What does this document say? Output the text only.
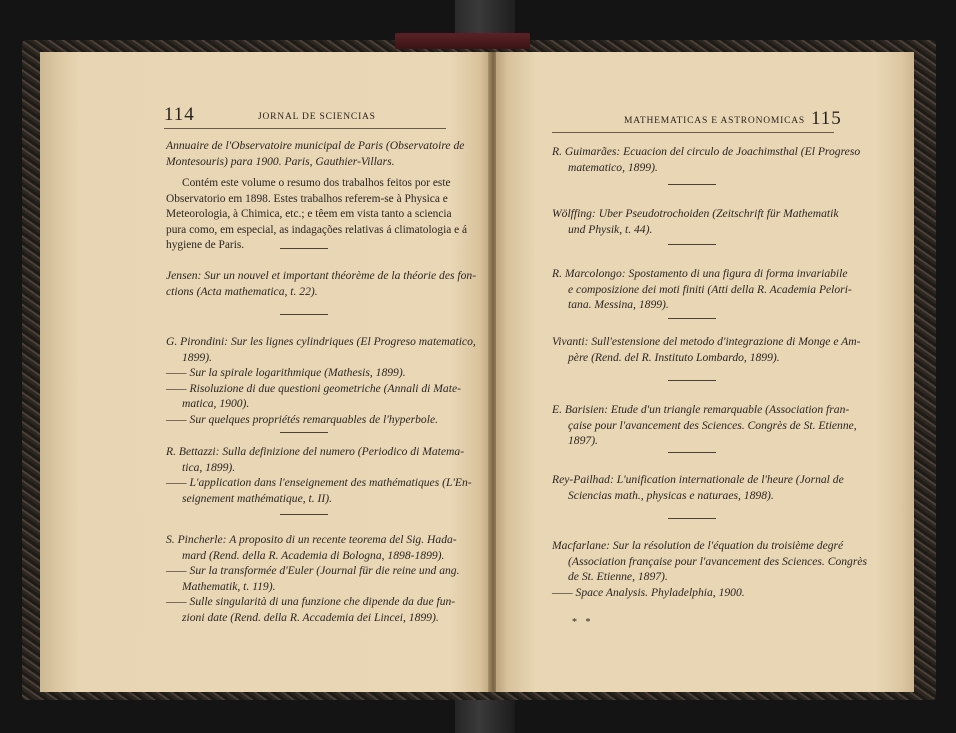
114	JORNAL DE SCIENCIAS
Annuaire de l'Observatoire municipal de Paris (Observatoire de
Montesouris) para 1900. Paris, Gauthier-Villars.
Contém este volume o resumo dos trabalhos feitos por este
Observatorio em 1898. Estes trabalhos referem-se à Physica e
Meteorologia, à Chimica, etc.; e têem em vista tanto a sciencia
pura como, em especial, as indagações relativas á climatologia e á
hygiene de Paris.
Jensen: Sur un nouvel et important théorème de la théorie des fon-
ctions (Acta mathematica, t. 22).
G. Pirondini: Sur les lignes cylindriques (El Progreso matematico,
1899).
—— Sur la spirale logarithmique (Mathesis, 1899).
—— Risoluzione di due questioni geometriche (Annali di Mate-
matica, 1900).
—— Sur quelques propriétés remarquables de l'hyperbole.
R. Bettazzi: Sulla definizione del numero (Periodico di Matema-
tica, 1899).
—— L'application dans l'enseignement des mathématiques (L'En-
seignement mathématique, t. II).
S. Pincherle: A proposito di un recente teorema del Sig. Hada-
mard (Rend. della R. Academia di Bologna, 1898-1899).
—— Sur la transformée d'Euler (Journal für die reine und ang.
Mathematik, t. 119).
—— Sulle singularità di una funzione che dipende da due fun-
zioni date (Rend. della R. Accademia dei Lincei, 1899).
MATHEMATICAS E ASTRONOMICAS 115
R. Guimarães: Ecuacion del circulo de Joachimsthal (El Progreso
matematico, 1899).
Wölffing: Uber Pseudotrochoiden (Zeitschrift für Mathematik
und Physik, t. 44).
R. Marcolongo: Spostamento di una figura di forma invariabile
e composizione dei moti finiti (Atti della R. Academia Pelori-
tana. Messina, 1899).
Vivanti: Sull'estensione del metodo d'integrazione di Monge e Am-
père (Rend. del R. Instituto Lombardo, 1899).
E. Barisien: Etude d'un triangle remarquable (Association fran-
çaise pour l'avancement des Sciences. Congrès de St. Etienne,
1897).
Rey-Pailhad: L'unification internationale de l'heure (Jornal de
Sciencias math., physicas e naturaes, 1898).
Macfarlane: Sur la résolution de l'équation du troisième degré
(Association française pour l'avancement des Sciences. Congrès
de St. Etienne, 1897).
—— Space Analysis. Phyladelphia, 1900.
* *
